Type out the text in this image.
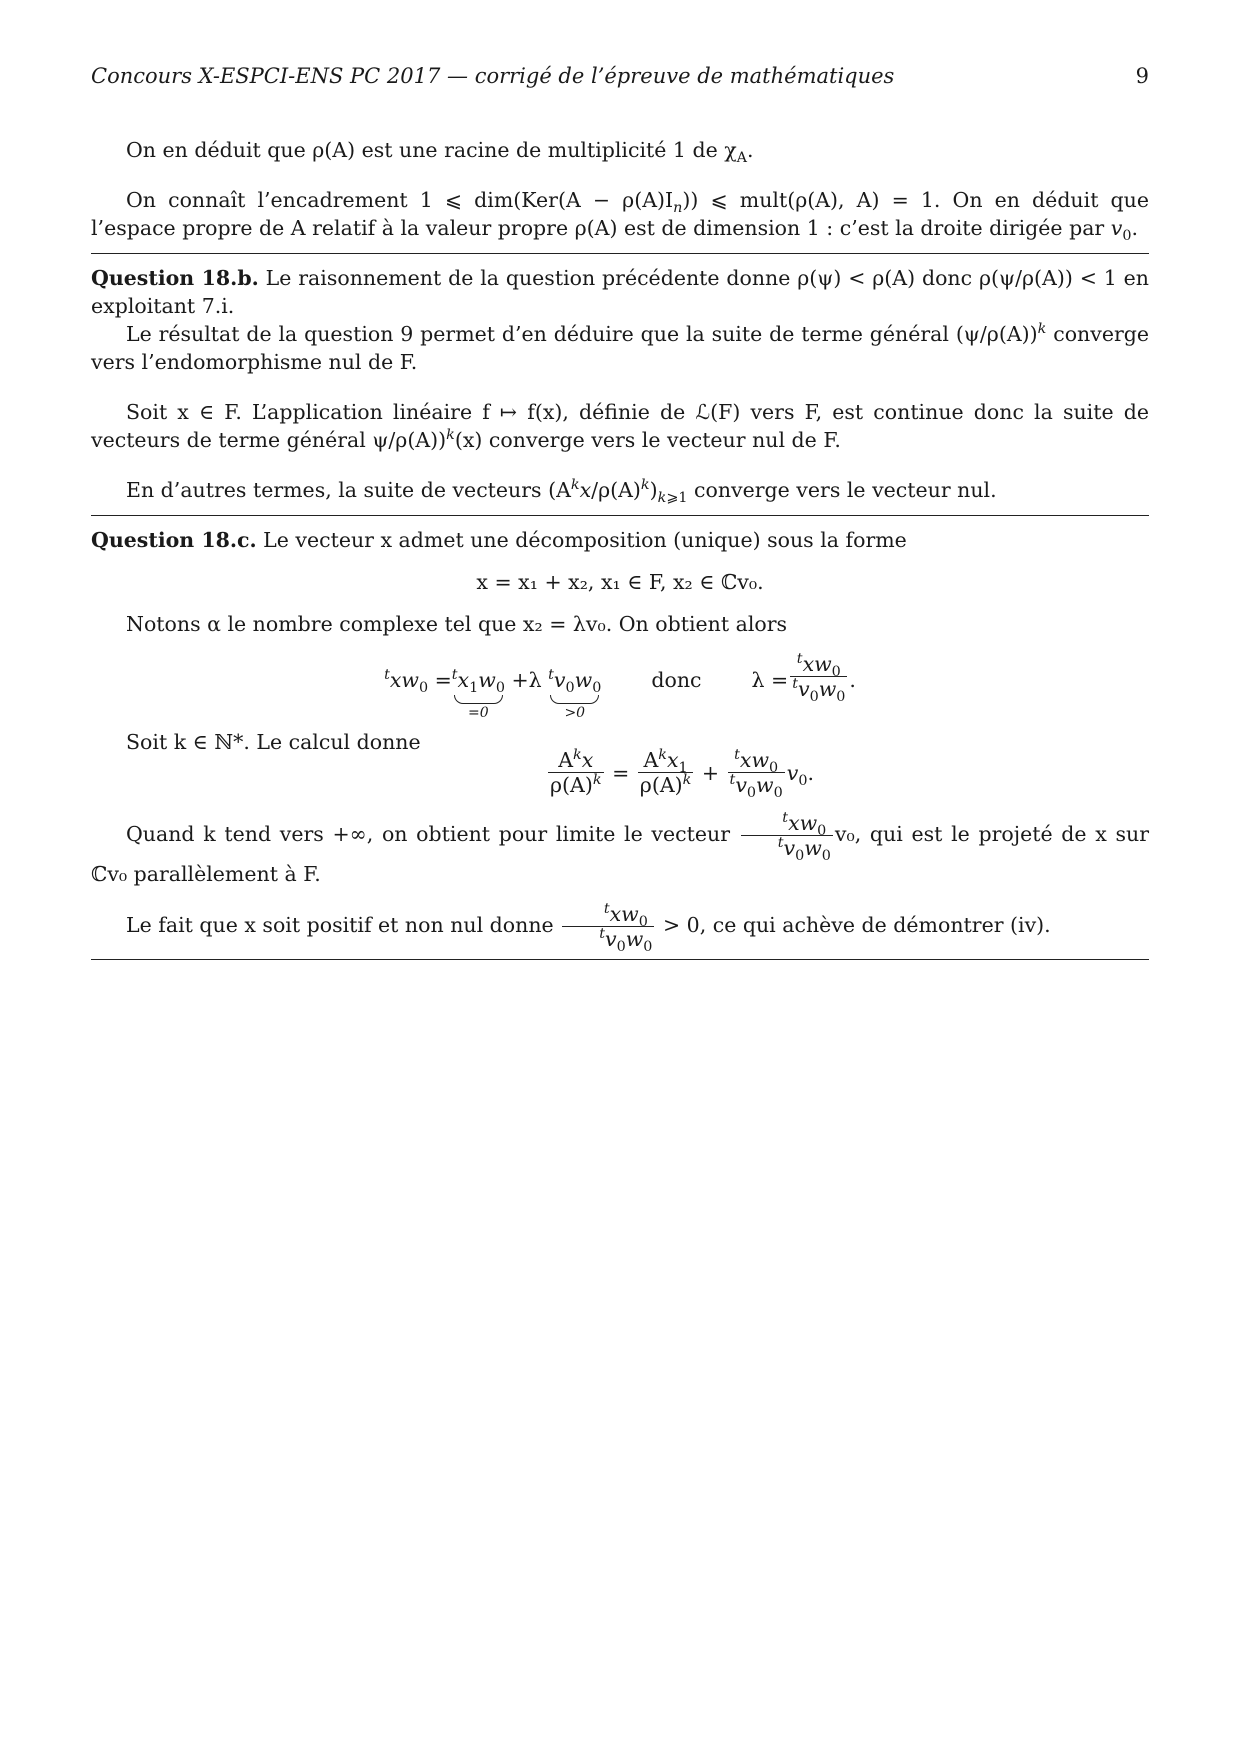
Concours X-ESPCI-ENS PC 2017 — corrigé de l’épreuve de mathématiques	9

On en déduit que ρ(A) est une racine de multiplicité 1 de $\chi_A$.

On connaît l’encadrement 1 ⩽ $dim(Ker(A - \rho(A)I_n))$ ⩽ mult(ρ(A), A) = 1. On en déduit que l’espace propre de A relatif à la valeur propre ρ(A) est de dimension 1 : c’est la droite dirigée par $v_0$.

Question 18.b. Le raisonnement de la question précédente donne ρ(ψ) < ρ(A) donc ρ(ψ/ρ(A)) < 1 en exploitant 7.i.

Le résultat de la question 9 permet d’en déduire que la suite de terme général $(\psi/\rho(A))^k$ converge vers l’endomorphisme nul de F.

Soit x ∈ F. L’application linéaire f ↦ f(x), définie de ℒ(F) vers F, est continue donc la suite de vecteurs de terme général ψ/ρ(A))$^k$(x) converge vers le vecteur nul de F.

En d’autres termes, la suite de vecteurs $(A^kx/\rho(A)^k)_{k⩾1}$ converge vers le vecteur nul.

Question 18.c. Le vecteur x admet une décomposition (unique) sous la forme

x = x₁ + x₂, x₁ ∈ F, x₂ ∈ ℂv₀.

Notons α le nombre complexe tel que x₂ = λv₀. On obtient alors

$^txw_0 = ^tx_1w_0$
=0
+λ $^tv_0w_0$
>0
donc $\lambda = \frac{^txw_0}{^tv_0w_0}$ .

Soit k ∈ ℕ*. Le calcul donne

$\frac{A^kx}{\rho(A)^k} = \frac{A^kx_1}{\rho(A)^k} + \frac{^txw_0}{^tv_0w_0} v_0$.

Quand k tend vers +∞, on obtient pour limite le vecteur $\frac{^txw_0}{^tv_0w_0} v_0$, qui est le projeté de x sur ℂv₀ parallèlement à F.

Le fait que x soit positif et non nul donne $\frac{^txw_0}{^tv_0w_0} > 0$, ce qui achève de démontrer (iv).
